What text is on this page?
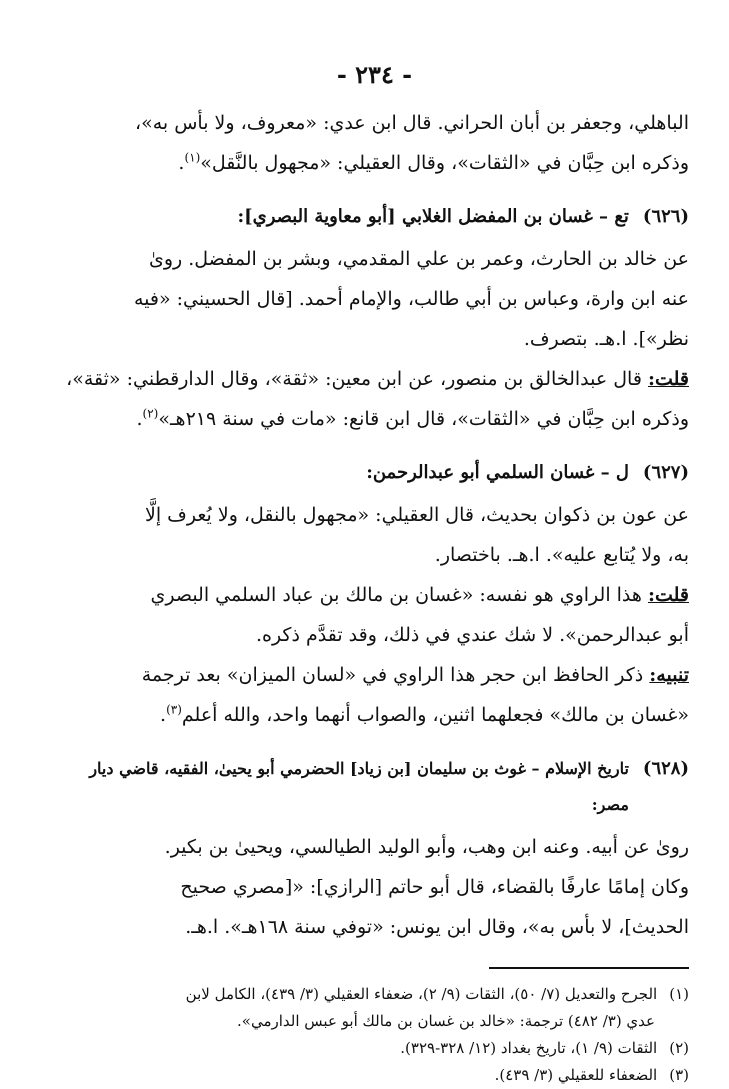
- ٢٣٤ -

الباهلي، وجعفر بن أبان الحراني. قال ابن عدي: «معروف، ولا بأس به»،
وذكره ابن حِبَّان في «الثقات»، وقال العقيلي: «مجهول بالنَّقل»$^{(١)}$.

(٦٢٦)
تع – غسان بن المفضل الغلابي [أبو معاوية البصري]:

عن خالد بن الحارث، وعمر بن علي المقدمي، وبشر بن المفضل. روىٰ
عنه ابن وارة، وعباس بن أبي طالب، والإمام أحمد. [قال الحسيني: «فيه
نظر»]. ا.هـ. بتصرف.

قلت: قال عبدالخالق بن منصور، عن ابن معين: «ثقة»، وقال الدارقطني: «ثقة»،
وذكره ابن حِبَّان في «الثقات»، قال ابن قانع: «مات في سنة ٢١٩هـ»$^{(٢)}$.

(٦٢٧)
ل – غسان السلمي أبو عبدالرحمن:

عن عون بن ذكوان بحديث، قال العقيلي: «مجهول بالنقل، ولا يُعرف إلَّا
به، ولا يُتابع عليه». ا.هـ. باختصار.

قلت: هذا الراوي هو نفسه: «غسان بن مالك بن عباد السلمي البصري
أبو عبدالرحمن». لا شك عندي في ذلك، وقد تقدَّم ذكره.

تنبيه: ذكر الحافظ ابن حجر هذا الراوي في «لسان الميزان» بعد ترجمة
«غسان بن مالك» فجعلهما اثنين، والصواب أنهما واحد، والله أعلم$^{(٣)}$.

(٦٢٨)
تاريخ الإسلام – غوث بن سليمان [بن زياد] الحضرمي أبو يحيىٰ، الفقيه، قاضي ديار مصر:

روىٰ عن أبيه. وعنه ابن وهب، وأبو الوليد الطيالسي، ويحيىٰ بن بكير.
وكان إمامًا عارفًا بالقضاء، قال أبو حاتم [الرازي]: «[مصري صحيح
الحديث]، لا بأس به»، وقال ابن يونس: «توفي سنة ١٦٨هـ». ا.هـ.

(١)
الجرح والتعديل (٧/ ٥٠)، الثقات (٩/ ٢)، ضعفاء العقيلي (٣/ ٤٣٩)، الكامل لابن
عدي (٣/ ٤٨٢) ترجمة: «خالد بن غسان بن مالك أبو عبس الدارمي».
(٢)
الثقات (٩/ ١)، تاريخ بغداد (١٢/ ٣٢٨-٣٢٩).
(٣)
الضعفاء للعقيلي (٣/ ٤٣٩).
